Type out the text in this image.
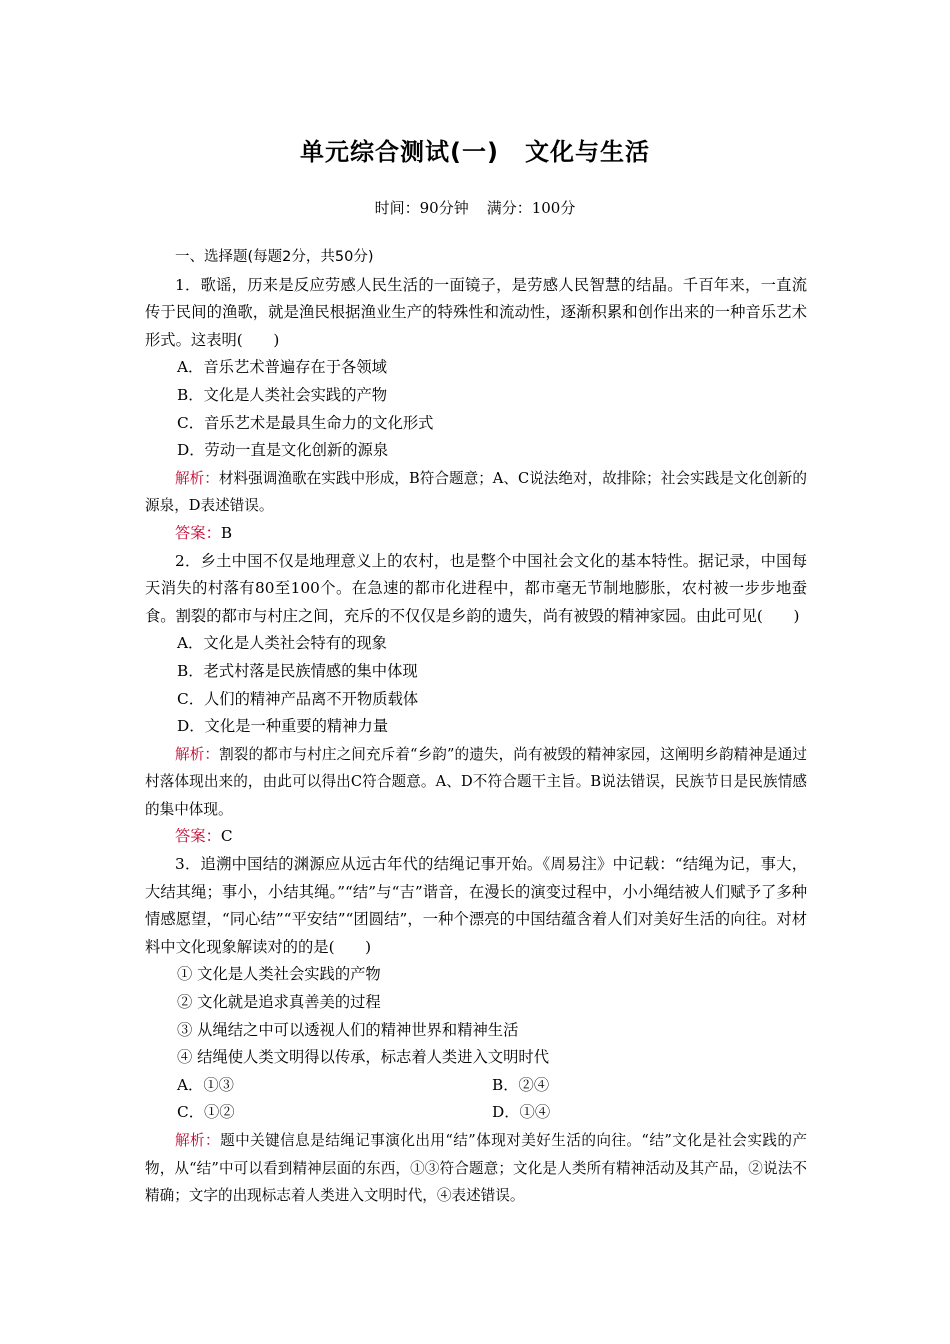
单元综合测试(一) 文化与生活
时间：90分钟 满分：100分

一、选择题(每题2分，共50分)

1．歌谣，历来是反应劳感人民生活的一面镜子，是劳感人民智慧的结晶。千百年来，一直流传于民间的渔歌，就是渔民根据渔业生产的特殊性和流动性，逐渐积累和创作出来的一种音乐艺术形式。这表明(　　)

A．音乐艺术普遍存在于各领域

B．文化是人类社会实践的产物

C．音乐艺术是最具生命力的文化形式

D．劳动一直是文化创新的源泉

解析：材料强调渔歌在实践中形成，B符合题意；A、C说法绝对，故排除；社会实践是文化创新的源泉，D表述错误。

答案：B

2．乡土中国不仅是地理意义上的农村，也是整个中国社会文化的基本特性。据记录，中国每天消失的村落有80至100个。在急速的都市化进程中，都市毫无节制地膨胀，农村被一步步地蚕食。割裂的都市与村庄之间，充斥的不仅仅是乡韵的遗失，尚有被毁的精神家园。由此可见(　　)

A．文化是人类社会特有的现象

B．老式村落是民族情感的集中体现

C．人们的精神产品离不开物质载体

D．文化是一种重要的精神力量

解析：割裂的都市与村庄之间充斥着“乡韵”的遗失，尚有被毁的精神家园，这阐明乡韵精神是通过村落体现出来的，由此可以得出C符合题意。A、D不符合题干主旨。B说法错误，民族节日是民族情感的集中体现。

答案：C

3．追溯中国结的渊源应从远古年代的结绳记事开始。《周易注》中记载：“结绳为记，事大，大结其绳；事小，小结其绳。”“结”与“吉”谐音，在漫长的演变过程中，小小绳结被人们赋予了多种情感愿望，“同心结”“平安结”“团圆结”，一种个漂亮的中国结蕴含着人们对美好生活的向往。对材料中文化现象解读对的的是(　　)

① 文化是人类社会实践的产物

② 文化就是追求真善美的过程

③ 从绳结之中可以透视人们的精神世界和精神生活

④ 结绳使人类文明得以传承，标志着人类进入文明时代

A．①③	B．②④
C．①②	D．①④

解析：题中关键信息是结绳记事演化出用“结”体现对美好生活的向往。“结”文化是社会实践的产物，从“结”中可以看到精神层面的东西，①③符合题意；文化是人类所有精神活动及其产品，②说法不精确；文字的出现标志着人类进入文明时代，④表述错误。
